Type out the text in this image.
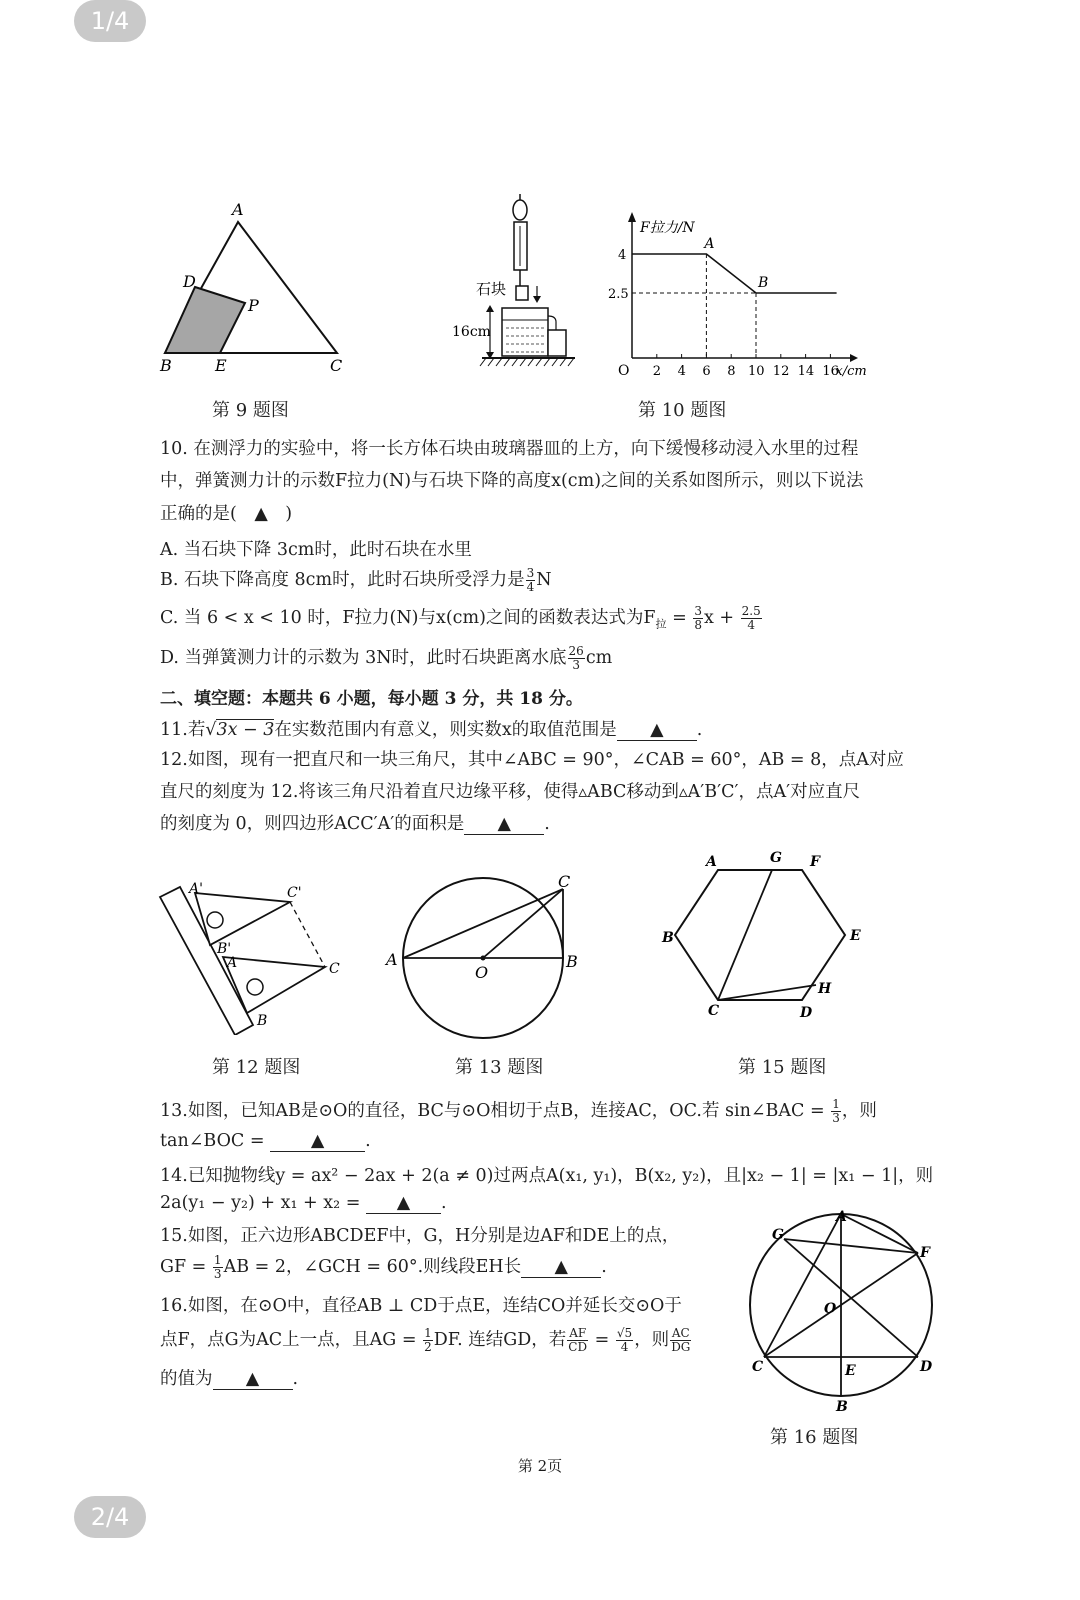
1/4
A
D
P
B	E	C
第 9 题图
石块
16cm
F拉力/N
O 2 4 6 8 10 12 14 16
x/cm
4
2.5
A
B
第 10 题图
10. 在测浮力的实验中，将一长方体石块由玻璃器皿的上方，向下缓慢移动浸入水里的过程
中，弹簧测力计的示数F拉力(N)与石块下降的高度x(cm)之间的关系如图所示，则以下说法
正确的是(　▲　)
A. 当石块下降 3cm时，此时石块在水里
B. 石块下降高度 8cm时，此时石块所受浮力是 $\frac{3}{4}$ N
C. 当 6 < x < 10 时，F拉力(N)与x(cm)之间的函数表达式为$F_拉 = \frac{3}{8}$ $x + \frac{2.5}{4}$
D. 当弹簧测力计的示数为 3N时，此时石块距离水底 $\frac{26}{3}$ cm
二、填空题：本题共 6 小题，每小题 3 分，共 18 分。
11.若√3x − 3在实数范围内有意义，则实数x的取值范围是 ▲ .
12.如图，现有一把直尺和一块三角尺，其中∠ABC = 90°，∠CAB = 60°，AB = 8，点A对应
直尺的刻度为 12.将该三角尺沿着直尺边缘平移，使得▵ABC移动到▵A′B′C′，点A′对应直尺
的刻度为 0，则四边形ACC′A′的面积是 ▲ .
A'	C'
B'
A	C
B
第 12 题图
C
A
O
B
第 13 题图
A	G F
B	E
C
H
D
第 15 题图
13.如图，已知AB是⊙O的直径，BC与⊙O相切于点B，连接AC，OC.若 sin∠BAC = $\frac{1}{3}$ ，则
tan∠BOC = ▲ .
14.已知抛物线y = ax² − 2ax + 2(a ≠ 0)过两点A(x₁, y₁)，B(x₂, y₂)，且|x₂ − 1| = |x₁ − 1|，则
2a(y₁ − y₂) + x₁ + x₂ = ▲ .
15.如图，正六边形ABCDEF中，G，H分别是边AF和DE上的点，
GF = $\frac{1}{3}$ AB = 2，∠GCH = 60°.则线段EH长 ▲ .
16.如图，在⊙O中，直径AB ⊥ CD于点E，连结CO并延长交⊙O于
点F，点G为AC上一点，且AG = $\frac{1}{2}$ DF. 连结GD，若 $\frac{AF}{CD} = \frac{√5}{4}$ ，则 $\frac{AC}{DG}$
的值为 ▲ .
A
G
F
O
C	E	D
B
第 16 题图
第 2页
2/4
